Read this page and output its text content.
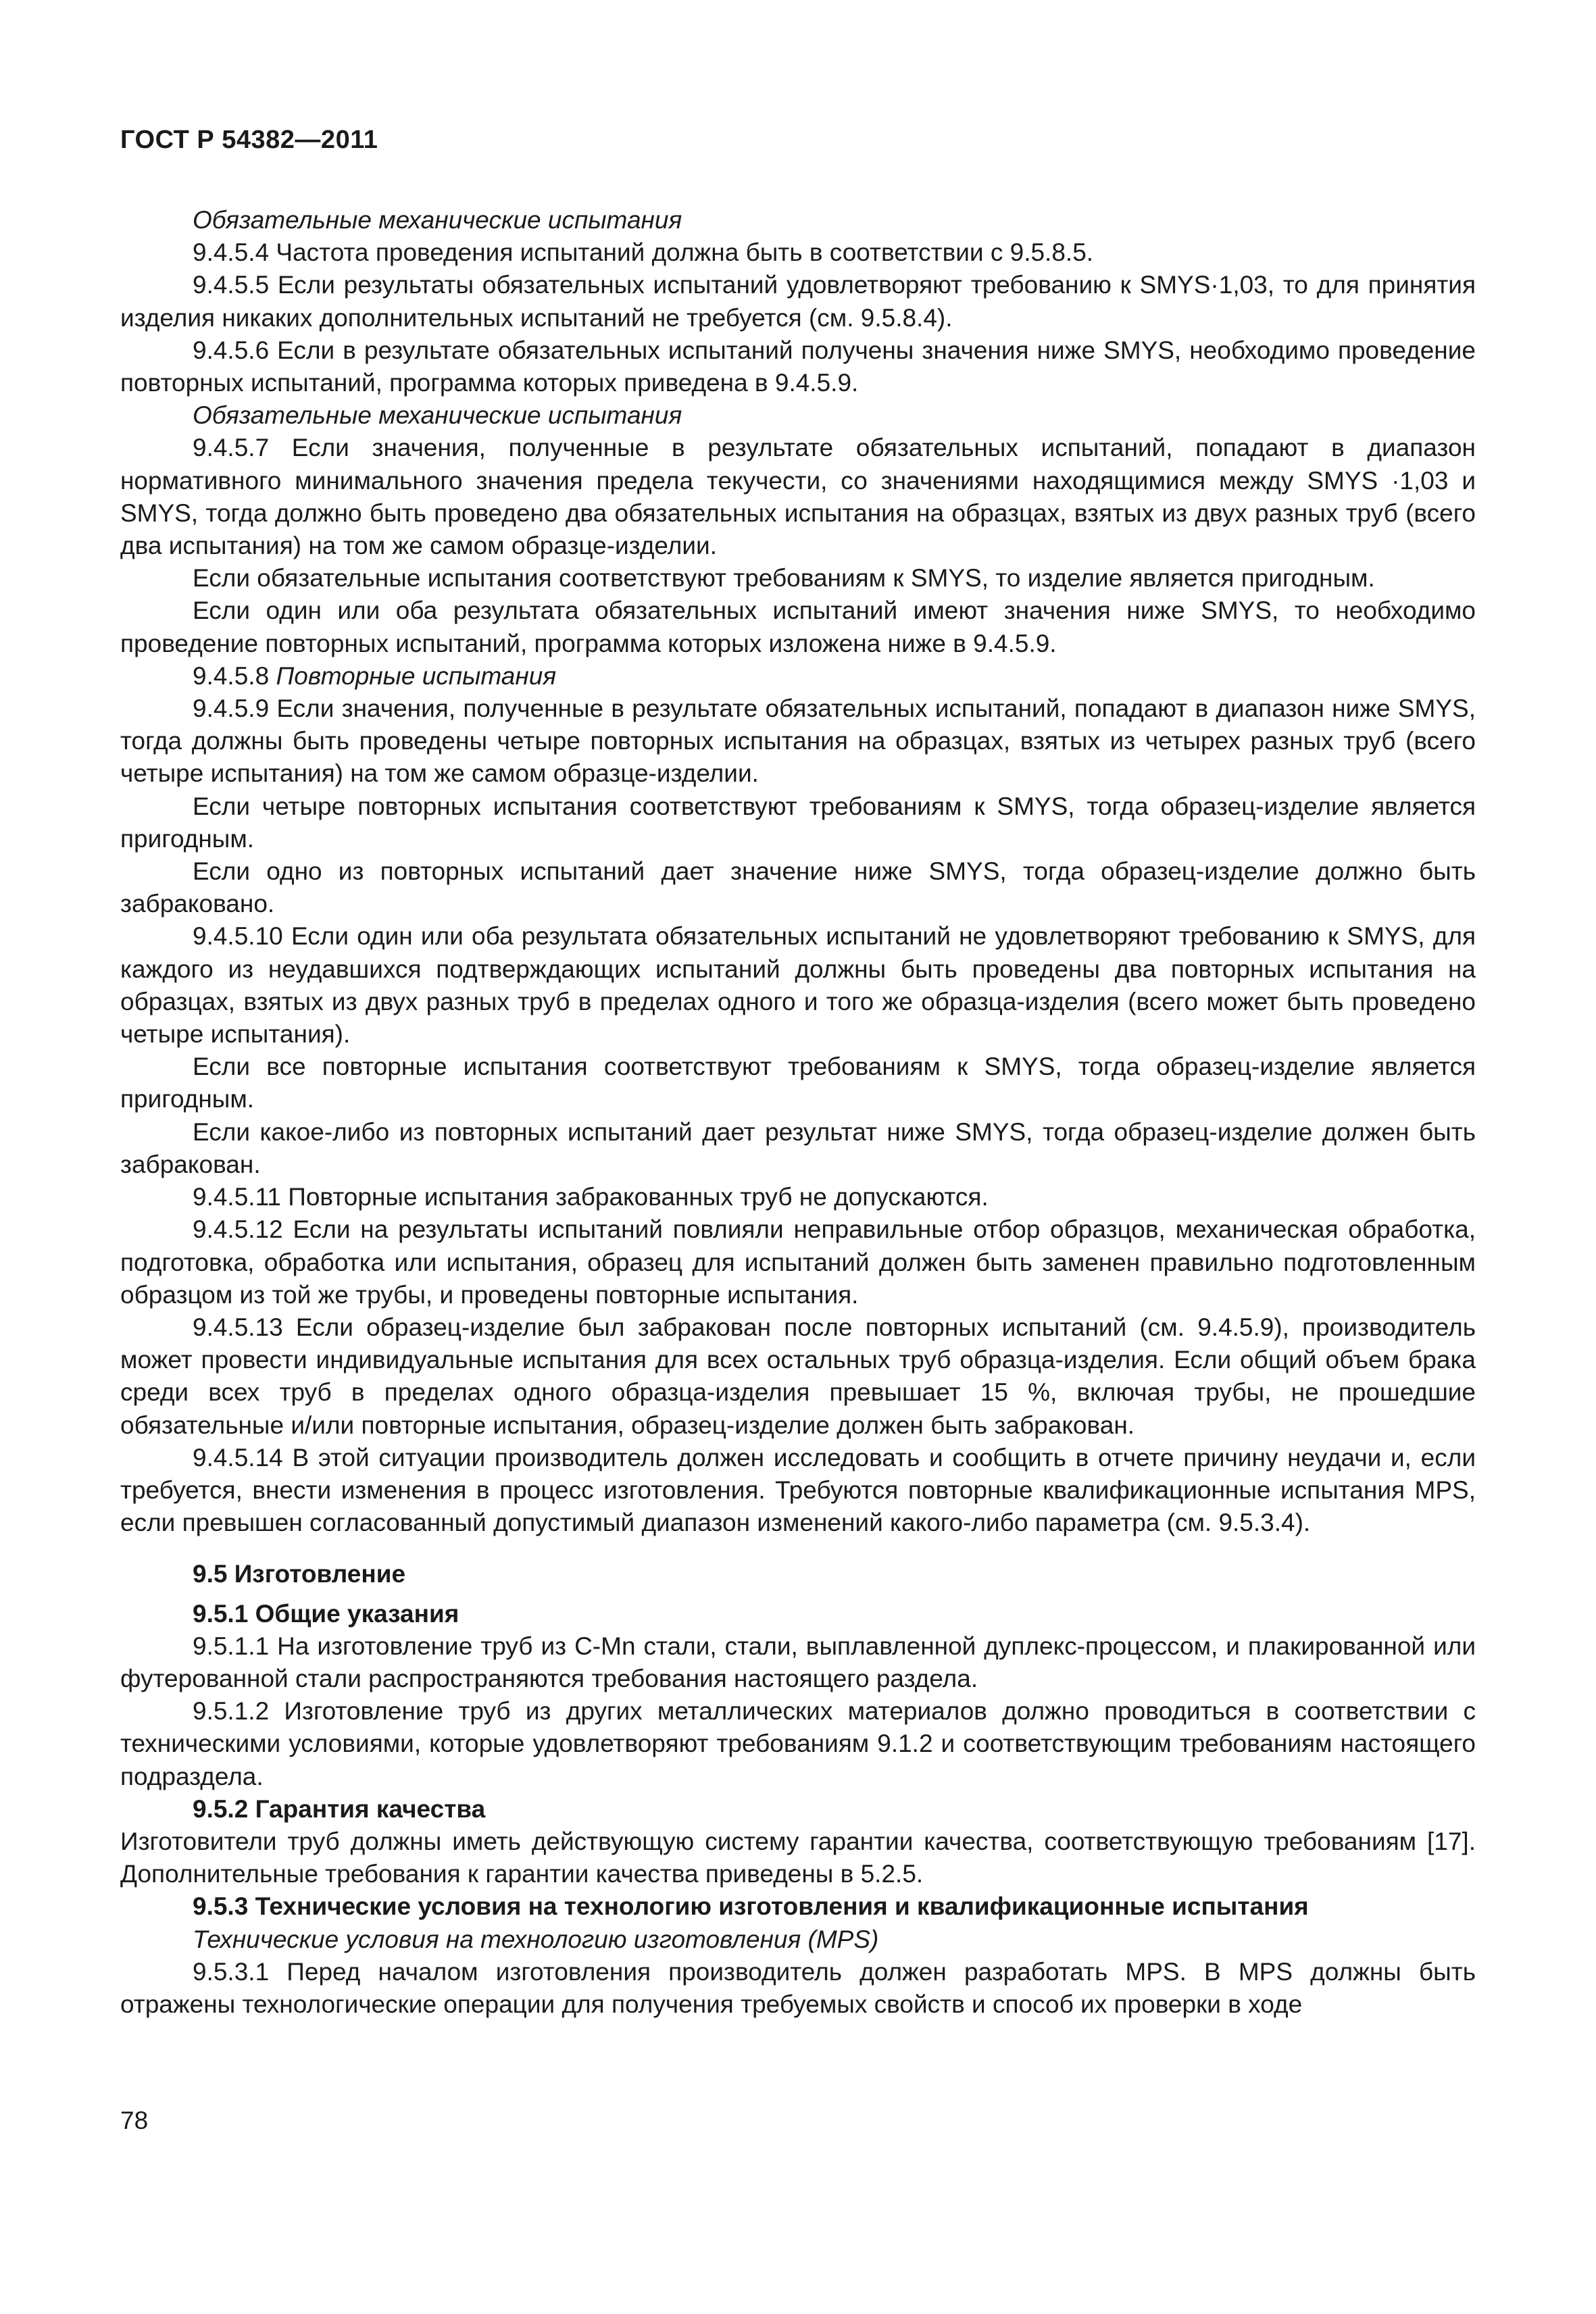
ГОСТ Р 54382—2011

Обязательные механические испытания

9.4.5.4 Частота проведения испытаний должна быть в соответствии с 9.5.8.5.

9.4.5.5 Если результаты обязательных испытаний удовлетворяют требованию к SMYS·1,03, то для принятия изделия никаких дополнительных испытаний не требуется (см. 9.5.8.4).

9.4.5.6 Если в результате обязательных испытаний получены значения ниже SMYS, необходимо проведение повторных испытаний, программа которых приведена в 9.4.5.9.

Обязательные механические испытания

9.4.5.7 Если значения, полученные в результате обязательных испытаний, попадают в диапазон нормативного минимального значения предела текучести, со значениями находящимися между SMYS ·1,03 и SMYS, тогда должно быть проведено два обязательных испытания на образцах, взятых из двух разных труб (всего два испытания) на том же самом образце-изделии.

Если обязательные испытания соответствуют требованиям к SMYS, то изделие является пригодным.

Если один или оба результата обязательных испытаний имеют значения ниже SMYS, то необходимо проведение повторных испытаний, программа которых изложена ниже в 9.4.5.9.

9.4.5.8 Повторные испытания

9.4.5.9 Если значения, полученные в результате обязательных испытаний, попадают в диапазон ниже SMYS, тогда должны быть проведены четыре повторных испытания на образцах, взятых из четырех разных труб (всего четыре испытания) на том же самом образце-изделии.

Если четыре повторных испытания соответствуют требованиям к SMYS, тогда образец-изделие является пригодным.

Если одно из повторных испытаний дает значение ниже SMYS, тогда образец-изделие должно быть забраковано.

9.4.5.10 Если один или оба результата обязательных испытаний не удовлетворяют требованию к SMYS, для каждого из неудавшихся подтверждающих испытаний должны быть проведены два повторных испытания на образцах, взятых из двух разных труб в пределах одного и того же образца-изделия (всего может быть проведено четыре испытания).

Если все повторные испытания соответствуют требованиям к SMYS, тогда образец-изделие является пригодным.

Если какое-либо из повторных испытаний дает результат ниже SMYS, тогда образец-изделие должен быть забракован.

9.4.5.11 Повторные испытания забракованных труб не допускаются.

9.4.5.12 Если на результаты испытаний повлияли неправильные отбор образцов, механическая обработка, подготовка, обработка или испытания, образец для испытаний должен быть заменен правильно подготовленным образцом из той же трубы, и проведены повторные испытания.

9.4.5.13 Если образец-изделие был забракован после повторных испытаний (см. 9.4.5.9), производитель может провести индивидуальные испытания для всех остальных труб образца-изделия. Если общий объем брака среди всех труб в пределах одного образца-изделия превышает 15 %, включая трубы, не прошедшие обязательные и/или повторные испытания, образец-изделие должен быть забракован.

9.4.5.14 В этой ситуации производитель должен исследовать и сообщить в отчете причину неудачи и, если требуется, внести изменения в процесс изготовления. Требуются повторные квалификационные испытания MPS, если превышен согласованный допустимый диапазон изменений какого-либо параметра (см. 9.5.3.4).

9.5 Изготовление

9.5.1 Общие указания

9.5.1.1 На изготовление труб из C-Mn стали, стали, выплавленной дуплекс-процессом, и плакированной или футерованной стали распространяются требования настоящего раздела.

9.5.1.2 Изготовление труб из других металлических материалов должно проводиться в соответствии с техническими условиями, которые удовлетворяют требованиям 9.1.2 и соответствующим требованиям настоящего подраздела.

9.5.2 Гарантия качества

Изготовители труб должны иметь действующую систему гарантии качества, соответствующую требованиям [17]. Дополнительные требования к гарантии качества приведены в 5.2.5.

9.5.3 Технические условия на технологию изготовления и квалификационные испытания

Технические условия на технологию изготовления (MPS)

9.5.3.1 Перед началом изготовления производитель должен разработать MPS. В MPS должны быть отражены технологические операции для получения требуемых свойств и способ их проверки в ходе

78
